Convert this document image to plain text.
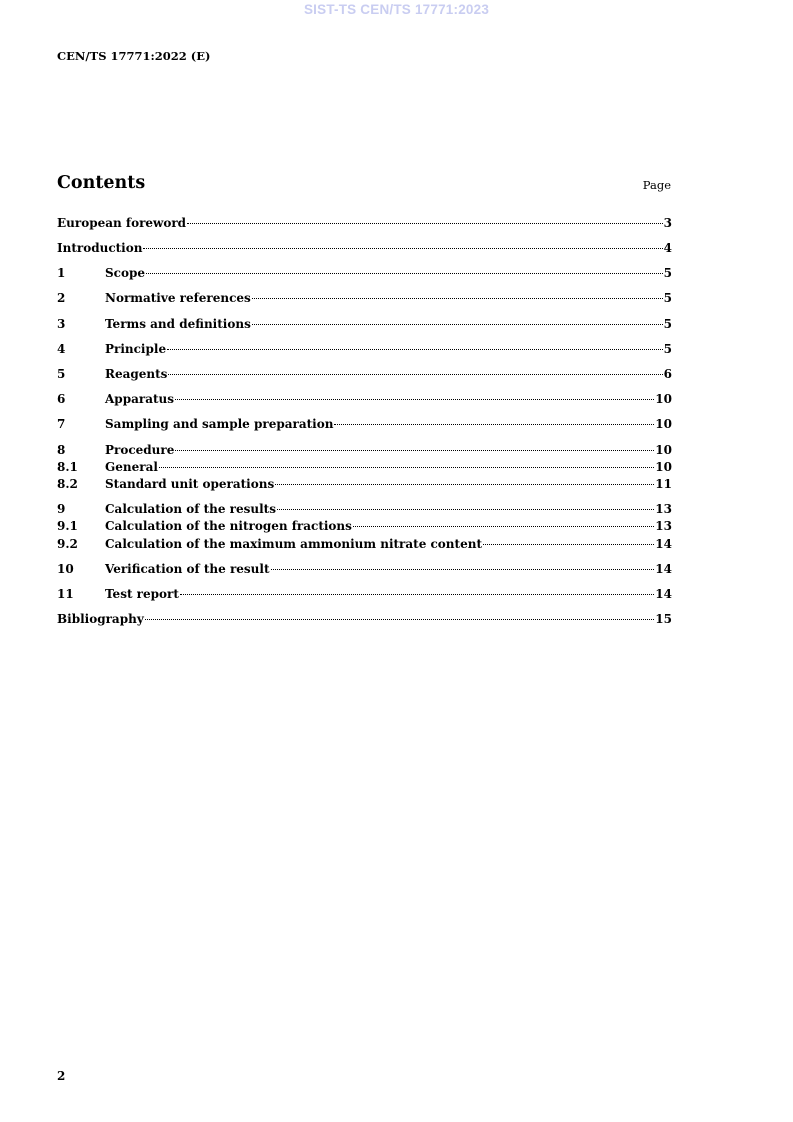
SIST-TS CEN/TS 17771:2023
CEN/TS 17771:2022 (E)
Contents	Page
European foreword	3
Introduction	4
1	Scope	5
2	Normative references	5
3	Terms and definitions	5
4	Principle	5
5	Reagents	6
6	Apparatus	10
7	Sampling and sample preparation	10
8	Procedure	10
8.1	General	10
8.2	Standard unit operations	11
9	Calculation of the results	13
9.1	Calculation of the nitrogen fractions	13
9.2	Calculation of the maximum ammonium nitrate content	14
10	Verification of the result	14
11	Test report	14
Bibliography	15
2
